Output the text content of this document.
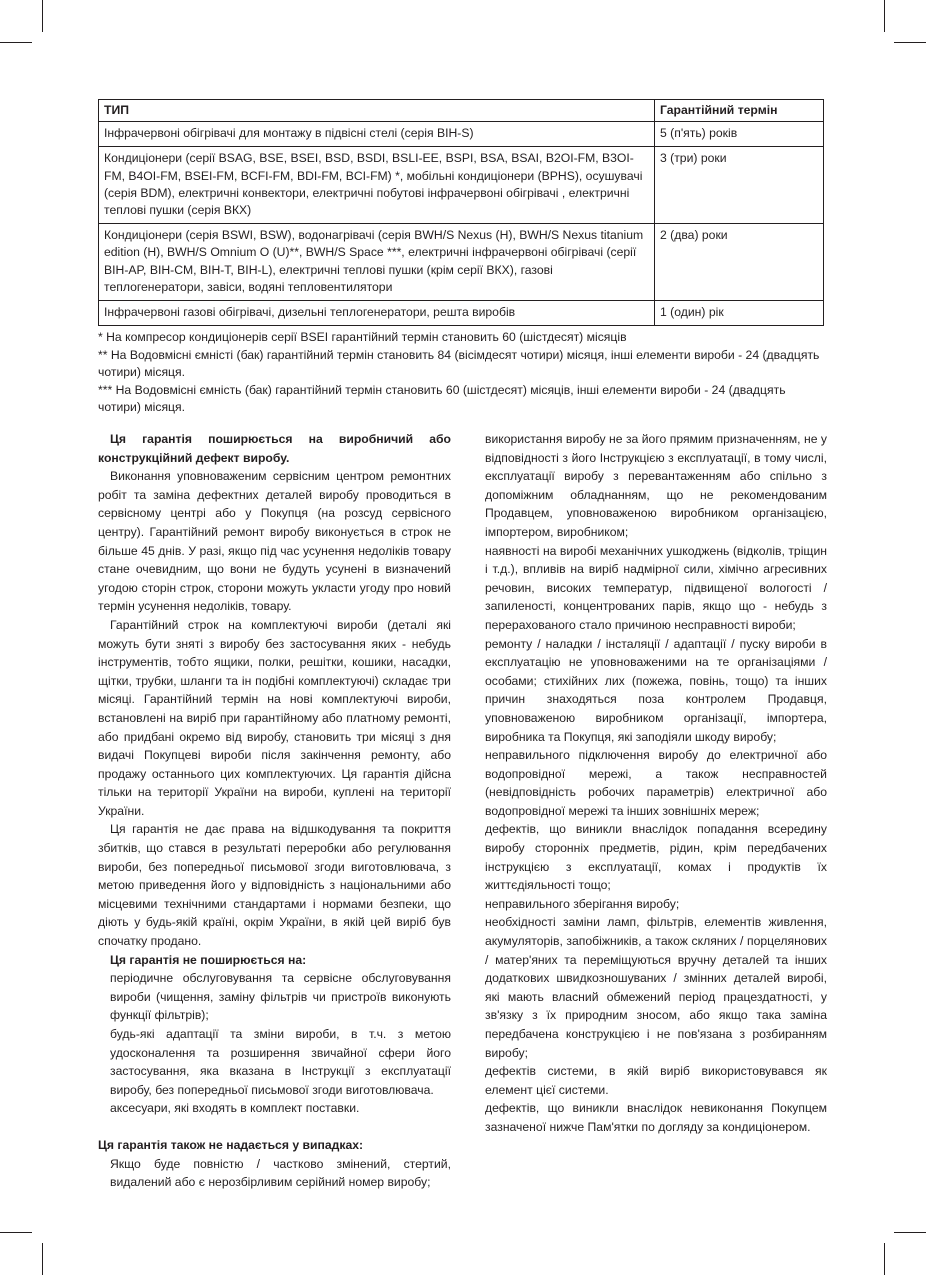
ТИП	Гарантійний термін
Інфрачервоні обігрівачі для монтажу в підвісні стелі (серія BIH-S)	5 (п'ять) років
Кондиціонери (серії BSAG, BSE, BSEI, BSD, BSDI, BSLI-EE, BSPI, BSA, BSAI, B2OI-FM, B3OI-FM, B4OI-FM, BSEI-FM, BCFI-FM, BDI-FM, BCI-FM) *, мобільні кондиціонери (BPHS), осушувачі (серія BDM), електричні конвектори, електричні побутові інфрачервоні обігрівачі , електричні теплові пушки (серія ВКХ)	3 (три) роки
Кондиціонери (серія BSWI, BSW), водонагрівачі (серія BWH/S Nexus (H), BWH/S Nexus titanium edition (H), BWH/S Omnium O (U)**, BWH/S Space ***, електричні інфрачервоні обігрівачі (серії BIH-AP, BIH-CM, BIH-T, BIH-L), електричні теплові пушки (крім серії ВКХ), газові теплогенератори, завіси, водяні тепловентилятори	2 (два) роки
Інфрачервоні газові обігрівачі, дизельні теплогенератори, решта виробів	1 (один) рік

* На компресор кондиціонерів серії BSEI гарантійний термін становить 60 (шістдесят) місяців

** На Водовмісні ємністі (бак) гарантійний термін становить 84 (вісімдесят чотири) місяця, інші елементи вироби - 24 (двадцять чотири) місяця.

*** На Водовмісні ємність (бак) гарантійний термін становить 60 (шістдесят) місяців, інші елементи вироби - 24 (двадцять чотири) місяця.

Ця гарантія поширюється на виробничий або конструкційний дефект виробу.

Виконання уповноваженим сервісним центром ремонтних робіт та заміна дефектних деталей виробу проводиться в сервісному центрі або у Покупця (на розсуд сервісного центру). Гарантійний ремонт виробу виконується в строк не більше 45 днів. У разі, якщо під час усунення недоліків товару стане очевидним, що вони не будуть усунені в визначений угодою сторін строк, сторони можуть укласти угоду про новий термін усунення недоліків, товару.

Гарантійний строк на комплектуючі вироби (деталі які можуть бути зняті з виробу без застосування яких - небудь інструментів, тобто ящики, полки, решітки, кошики, насадки, щітки, трубки, шланги та ін подібні комплектуючі) складає три місяці. Гарантійний термін на нові комплектуючі вироби, встановлені на виріб при гарантійному або платному ремонті, або придбані окремо від виробу, становить три місяці з дня видачі Покупцеві вироби після закінчення ремонту, або продажу останнього цих комплектуючих. Ця гарантія дійсна тільки на території України на вироби, куплені на території України.

Ця гарантія не дає права на відшкодування та покриття збитків, що стався в результаті переробки або регулювання вироби, без попередньої письмової згоди виготовлювача, з метою приведення його у відповідність з національними або місцевими технічними стандартами і нормами безпеки, що діють у будь-якій країні, окрім України, в якій цей виріб був спочатку продано.

Ця гарантія не поширюється на:

періодичне обслуговування та сервісне обслуговування вироби (чищення, заміну фільтрів чи пристроїв виконують функції фільтрів);

будь-які адаптації та зміни вироби, в т.ч. з метою удосконалення та розширення звичайної сфери його застосування, яка вказана в Інструкції з експлуатації виробу, без попередньої письмової згоди виготовлювача.

аксесуари, які входять в комплект поставки.

Ця гарантія також не надається у випадках:

Якщо буде повністю / частково змінений, стертий, видалений або є нерозбірливим серійний номер виробу;

використання виробу не за його прямим призначенням, не у відповідності з його Інструкцією з експлуатації, в тому числі, експлуатації виробу з перевантаженням або спільно з допоміжним обладнанням, що не рекомендованим Продавцем, уповноваженою виробником організацією, імпортером, виробником;

наявності на виробі механічних ушкоджень (відколів, тріщин і т.д.), впливів на виріб надмірної сили, хімічно агресивних речовин, високих температур, підвищеної вологості / запиленості, концентрованих парів, якщо що - небудь з перерахованого стало причиною несправності вироби;

ремонту / наладки / інсталяції / адаптації / пуску вироби в експлуатацію не уповноваженими на те організаціями / особами; стихійних лих (пожежа, повінь, тощо) та інших причин знаходяться поза контролем Продавця, уповноваженою виробником організації, імпортера, виробника та Покупця, які заподіяли шкоду виробу;

неправильного підключення виробу до електричної або водопровідної мережі, а також несправностей (невідповідність робочих параметрів) електричної або водопровідної мережі та інших зовнішніх мереж;

дефектів, що виникли внаслідок попадання всередину виробу сторонніх предметів, рідин, крім передбачених інструкцією з експлуатації, комах і продуктів їх життєдіяльності тощо;

неправильного зберігання виробу;

необхідності заміни ламп, фільтрів, елементів живлення, акумуляторів, запобіжників, а також скляних / порцелянових / матер'яних та переміщуються вручну деталей та інших додаткових швидкозношуваних / змінних деталей виробі, які мають власний обмежений період працездатності, у зв'язку з їх природним зносом, або якщо така заміна передбачена конструкцією і не пов'язана з розбиранням виробу;

дефектів системи, в якій виріб використовувався як елемент цієї системи.

дефектів, що виникли внаслідок невиконання Покупцем зазначеної нижче Пам'ятки по догляду за кондиціонером.
